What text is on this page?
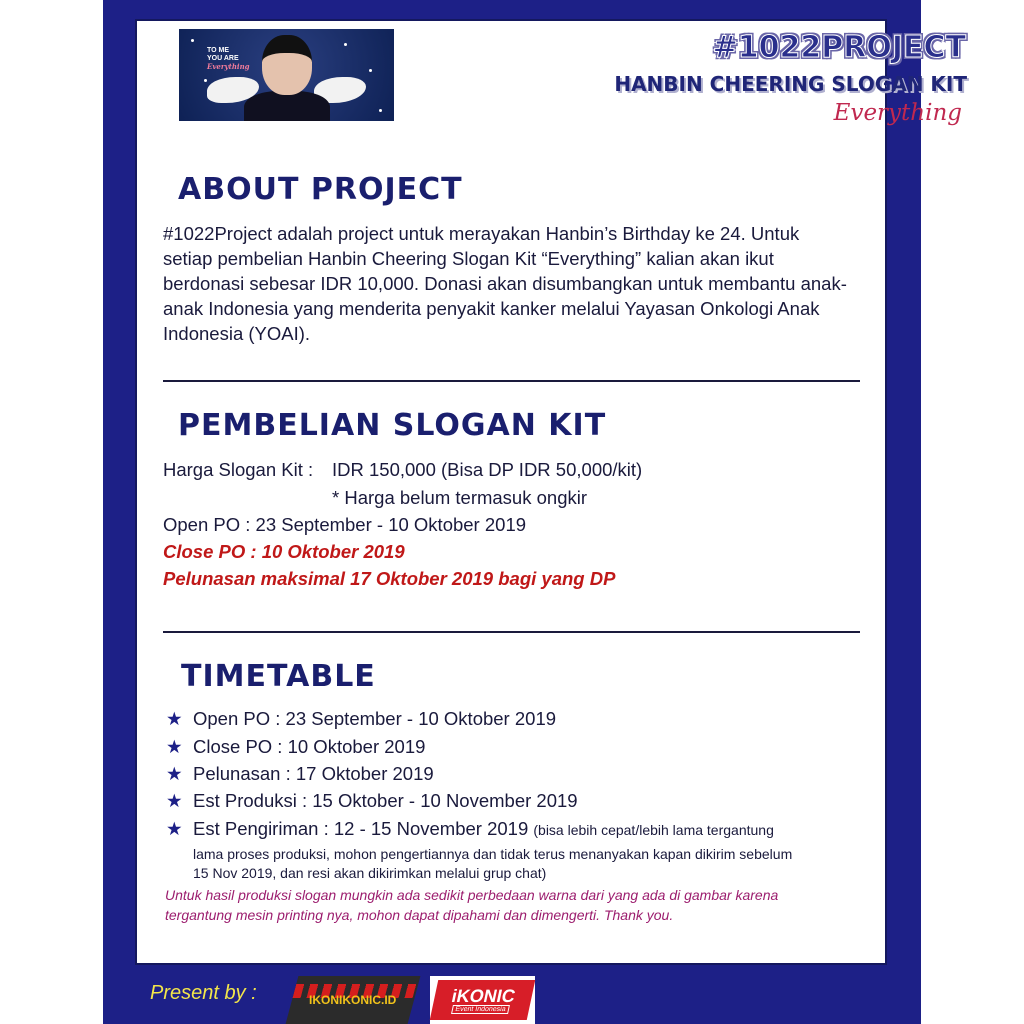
TO ME
YOU ARE
Everything
#1022PROJECT
HANBIN CHEERING SLOGAN KIT
Everything
ABOUT PROJECT
#1022Project adalah project untuk merayakan Hanbin’s Birthday ke 24. Untuk setiap pembelian Hanbin Cheering Slogan Kit “Everything” kalian akan ikut berdonasi sebesar IDR 10,000. Donasi akan disumbangkan untuk membantu anak-anak Indonesia yang menderita penyakit kanker melalui Yayasan Onkologi Anak Indonesia (YOAI).
PEMBELIAN SLOGAN KIT
Harga Slogan Kit : IDR 150,000 (Bisa DP IDR 50,000/kit)
* Harga belum termasuk ongkir
Open PO : 23 September - 10 Oktober 2019
Close PO : 10 Oktober 2019
Pelunasan maksimal 17 Oktober 2019 bagi yang DP
TIMETABLE
★ Open PO : 23 September - 10 Oktober 2019
★ Close PO : 10 Oktober 2019
★ Pelunasan : 17 Oktober 2019
★ Est Produksi : 15 Oktober - 10 November 2019
★ Est Pengiriman : 12 - 15 November 2019 (bisa lebih cepat/lebih lama tergantung
lama proses produksi, mohon pengertiannya dan tidak terus menanyakan kapan dikirim sebelum
15 Nov 2019, dan resi akan dikirimkan melalui grup chat)
Untuk hasil produksi slogan mungkin ada sedikit perbedaan warna dari yang ada di gambar karena
tergantung mesin printing nya, mohon dapat dipahami dan dimengerti. Thank you.
Present by :	IKONIKONIC.ID	iKONIC
Event Indonesia
